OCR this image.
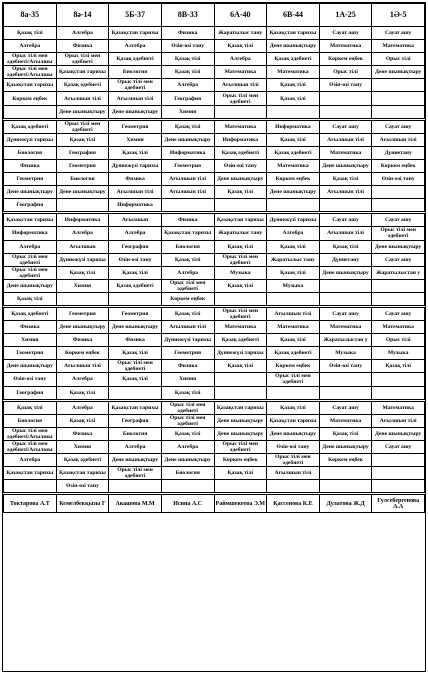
8а-35	8ә-14	5Б-37	8В-33	6А-40	6В-44	1А-25	1Ә-5

Қазақ тілі	Алгебра	Қазақстан тарихы	Физика	Жаратылыс тану	Қазақстан тарихы	Сауат ашу	Сауат ашу

Алгебра	Физика	Алгебра	Өзін-өзі тану	Қазақ тілі	Дене шынықтыру	Математика	Математика

Орыс тілі мен әдебиеті/Ағылшы	Орыс тілі мен әдебиеті	Қазақ әдебиеті	Қазақ тілі	Алгебра	Қазақ әдебиеті	Көркем еңбек	Орыс тілі

Орыс тілі мен әдебиеті/Ағылшы	Қазақстан тарихы	Биология	Қазақ тілі	Математика	Математика	Орыс тілі	Дене шынықтыру

Қазақстан тарихы	Қазақ әдебиеті	Орыс тілі мен әдебиеті	Алгебра	Ағылшын тілі	Қазақ тілі	Өзін-өзі тану	

Көркем еңбек	Ағылшын тілі	Ағылшын тілі	География	Орыс тілі мен әдебиеті	Қазақ тілі		

	Дене шынықтыру	Дене шынықтыру	Химия				

Қазақ әдебиеті	Орыс тілі мен әдебиеті	Геометрия	Қазақ тілі	Математика	Информатика	Сауат ашу	Сауат ашу

Дүниежүзі тарихы	Қазақ тілі	Химия	Дене шынықтыру	Информатика	Қазақ тілі	Ағылшын тілі	Ағылшын тілі

Биология	География	Қазақ тілі	Информатика	Қазақ әдебиеті	Қазақ әдебиеті	Математика	Дүниетану

Физика	Геометрия	Дүниежүзі тарихы	Геометрия	Өзін-өзі тану	Математика	Дене шынықтыру	Көркем еңбек

Геометрия	Биология	Физика	Ағылшын тілі	Дене шынықтыру	Көркем еңбек	Қазақ тілі	Өзін-өзі тану

Дене шынықтыру	Дене шынықтыру	Ағылшын тілі	Ағылшын тілі	Қазақ тілі	Дене шынықтыру	Ағылшын тілі	

География		Информатика					

Қазақстан тарихы	Информатика	Ағылшын	Физика	Қазақстан тарихы	Дүниежүзі тарихы	Сауат ашу	Сауат ашу

Информатика	Алгебра	Алгебра	Қазақстан тарихы	Жаратылыс тану	Алгебра	Ағылшын тілі	Орыс тілі мен әдебиеті

Алгебра	Ағылшын	География	Биология	Қазақ тілі	Қазақ тілі	Қазақ тілі	Дене шынықтыру

Орыс тілі мен әдебиеті	Дүниежүзі тарихы	Өзін-өзі тану	Қазақ тілі	Орыс тілі мен әдебиеті	Жаратылыс тану	Дүниетану	Сауат ашу

Орыс тілі мен әдебиеті	Қазақ тілі	Қазақ тілі	Алгебра	Музыка	Қазақ тілі	Дене шынықтыру	Жаратылыстан у

Дене шынықтыру	Химия	Қазақ әдебиеті	Орыс тілі мен әдебиеті	Қазақ тілі	Музыка		

Қазақ тілі			Көркем еңбек				

Қазақ әдебиеті	Геометрия	Геометрия	Қазақ тілі	Орыс тілі мен әдебиеті	Ағылшын тілі	Сауат ашу	Сауат ашу

Физика	Дене шынықтыру	Дене шынықтыру	Ағылшын тілі	Математика	Математика	Математика	Математика

Химия	Физика	Физика	Дүниежүзі тарихы	Қазақ әдебиеті	Қазақ тілі	Жаратылыстан у	Орыс тілі

Геометрия	Көркем еңбек	Қазақ тілі	Геометрия	Дүниежүзі тарихы	Қазақ әдебиеті	Музыка	Музыка

Дене шынықтыру	Ағылшын тілі	Орыс тілі мен әдебиеті	Физика	Қазақ тілі	Көркем еңбек	Өзін-өзі тану	Қазақ тілі

Өзін-өзі тану	Алгебра	Қазақ тілі	Химия		Орыс тілі мен әдебиеті		

География	Қазақ тілі		Қазақ тілі				

Қазақ тілі	Алгебра	Қазақстан тарихы	Орыс тілі мен әдебиеті	Қазақстан тарихы	Қазақ тілі	Сауат ашу	Математика

Биология	Қазақ тілі	География	Орыс тілі мен әдебиеті	Дене шынықтыру	Қазақстан тарихы	Математика	Ағылшын тілі

Орыс тілі мен әдебиеті/Ағылшы	Физика	Биология	Қазақ тілі	Дене шынықтыру	Дене шынықтыру	Қазақ тілі	Дене шынықтыру

Орыс тілі мен әдебиеті/Ағылшы	Химия	Алгебра	Алгебра	Орыс тілі мен әдебиеті	Өзін-өзі тану	Дене шынықтыру	Сауат ашу

Алгебра	Қазақ әдебиеті	Дене шынықтыру	Дене шынықтыру	Көркем еңбек	Орыс тілі мен әдебиеті	Көркем еңбек	

Қазақстан тарихы	Қазақстан тарихы	Орыс тілі мен әдебиеті	Биология	Қазақ тілі	Ағылшын тілі		

	Өзін-өзі тану						

Токтарова А.Т	Кемелбекқызы Г	Акашова М.М	Исина А.С	Раймшекеева Э.М	Қассенова К.Е	Дулатова Ж.Д	Гулсебергенова А.А
